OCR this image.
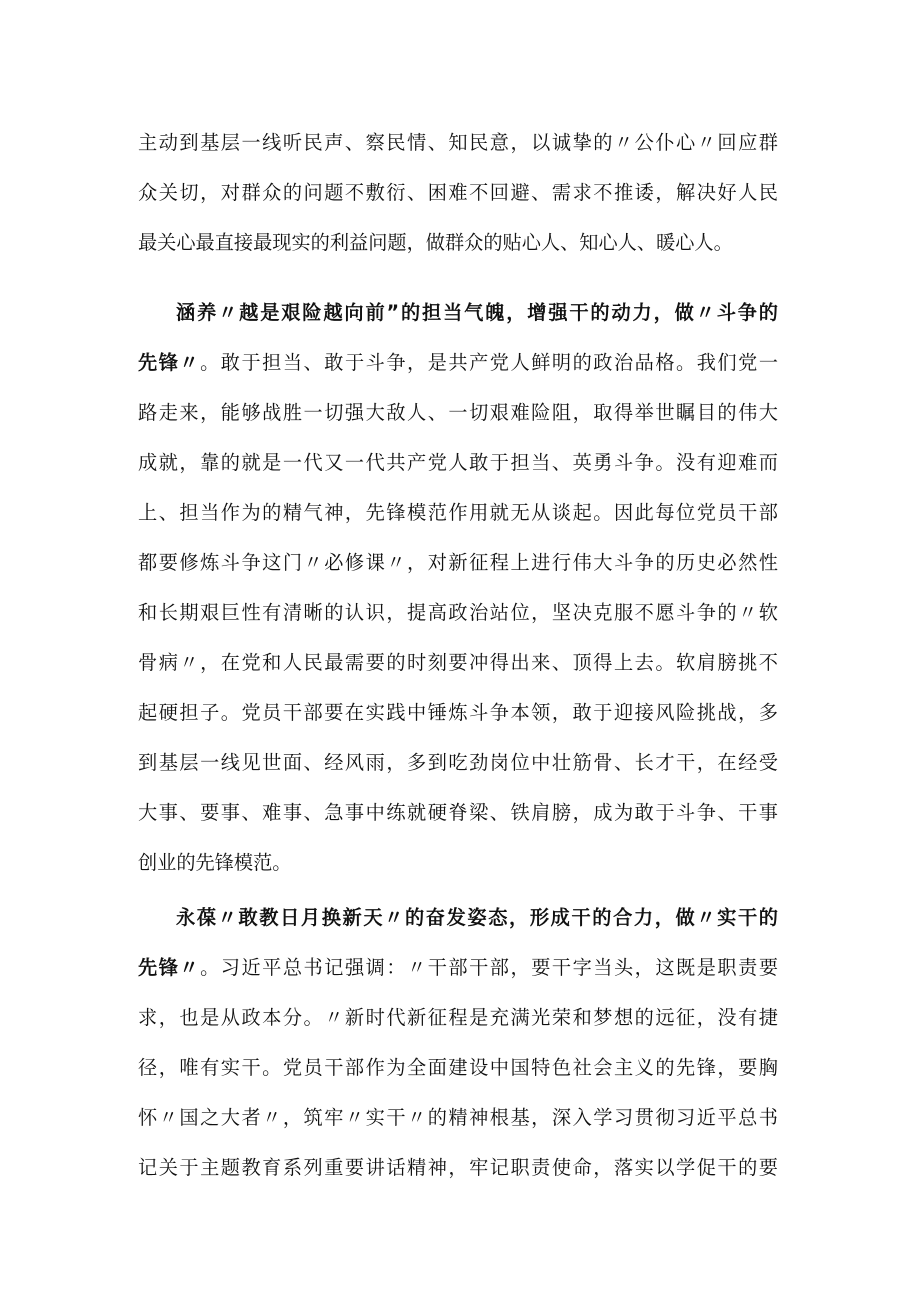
主动到基层一线听民声、察民情、知民意，以诚挚的〃公仆心〃回应群
众关切，对群众的问题不敷衍、困难不回避、需求不推诿，解决好人民
最关心最直接最现实的利益问题，做群众的贴心人、知心人、暖心人。
涵养〃越是艰险越向前”的担当气魄，增强干的动力，做〃斗争的
先锋〃。敢于担当、敢于斗争，是共产党人鲜明的政治品格。我们党一
路走来，能够战胜一切强大敌人、一切艰难险阻，取得举世瞩目的伟大
成就，靠的就是一代又一代共产党人敢于担当、英勇斗争。没有迎难而
上、担当作为的精气神，先锋模范作用就无从谈起。因此每位党员干部
都要修炼斗争这门〃必修课〃，对新征程上进行伟大斗争的历史必然性
和长期艰巨性有清晰的认识，提高政治站位，坚决克服不愿斗争的〃软
骨病〃，在党和人民最需要的时刻要冲得出来、顶得上去。软肩膀挑不
起硬担子。党员干部要在实践中锤炼斗争本领，敢于迎接风险挑战，多
到基层一线见世面、经风雨，多到吃劲岗位中壮筋骨、长才干，在经受
大事、要事、难事、急事中练就硬脊梁、铁肩膀，成为敢于斗争、干事
创业的先锋模范。
永葆〃敢教日月换新天〃的奋发姿态，形成干的合力，做〃实干的
先锋〃。习近平总书记强调：〃干部干部，要干字当头，这既是职责要
求，也是从政本分。〃新时代新征程是充满光荣和梦想的远征，没有捷
径，唯有实干。党员干部作为全面建设中国特色社会主义的先锋，要胸
怀〃国之大者〃，筑牢〃实干〃的精神根基，深入学习贯彻习近平总书
记关于主题教育系列重要讲话精神，牢记职责使命，落实以学促干的要
